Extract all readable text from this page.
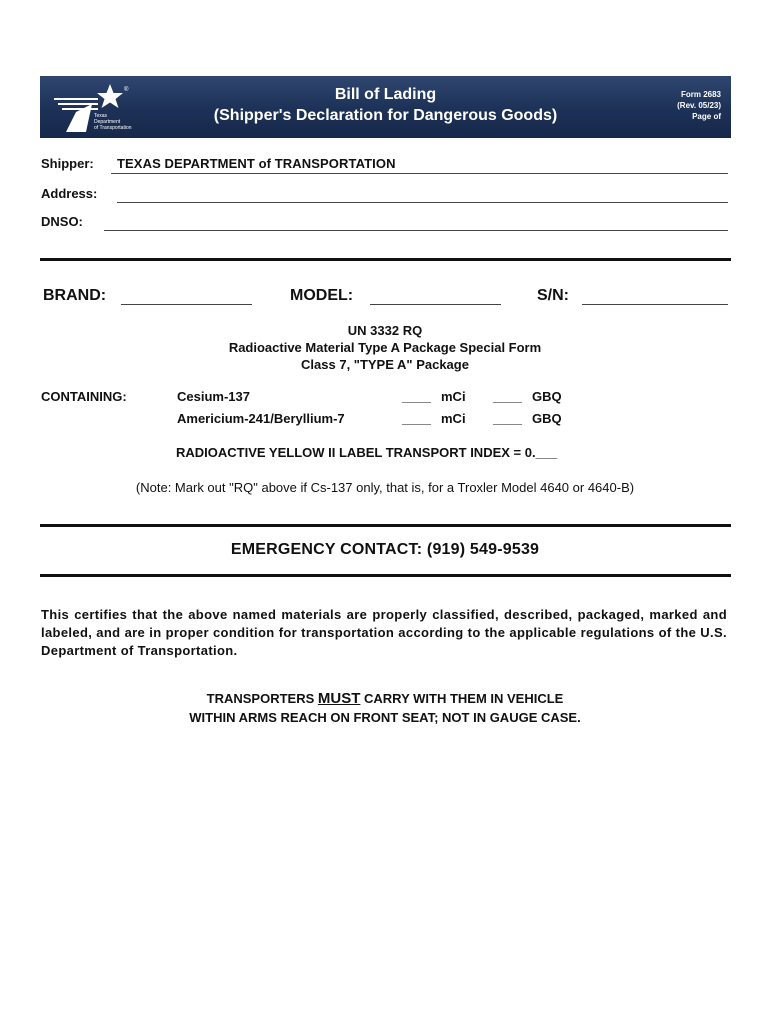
®
Texas
Department
of Transportation
Bill of Lading
(Shipper's Declaration for Dangerous Goods)
Form 2683
(Rev. 05/23)
Page of
Shipper: TEXAS DEPARTMENT of TRANSPORTATION
Address:
DNSO:
BRAND:	MODEL:	S/N:
UN 3332 RQ
Radioactive Material Type A Package Special Form
Class 7, "TYPE A" Package
CONTAINING:	Cesium-137	____ mCi ____ GBQ
Americium-241/Beryllium-7	____ mCi ____ GBQ
RADIOACTIVE YELLOW II LABEL TRANSPORT INDEX = 0.___
(Note: Mark out "RQ" above if Cs-137 only, that is, for a Troxler Model 4640 or 4640-B)
EMERGENCY CONTACT: (919) 549-9539
This certifies that the above named materials are properly classified, described, packaged, marked and labeled, and are in proper condition for transportation according to the applicable regulations of the U.S. Department of Transportation.
TRANSPORTERS MUST CARRY WITH THEM IN VEHICLE
WITHIN ARMS REACH ON FRONT SEAT; NOT IN GAUGE CASE.
